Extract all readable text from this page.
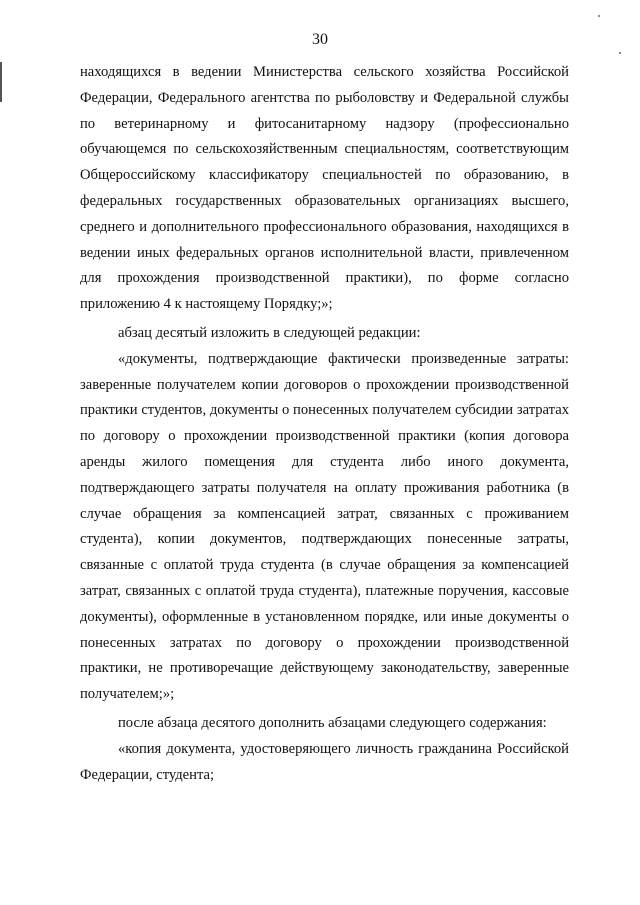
30

находящихся в ведении Министерства сельского хозяйства Российской Федерации, Федерального агентства по рыболовству и Федеральной службы по ветеринарному и фитосанитарному надзору (профессионально обучающемся по сельскохозяйственным специальностям, соответствующим Общероссийскому классификатору специальностей по образованию, в федеральных государственных образовательных организациях высшего, среднего и дополнительного профессионального образования, находящихся в ведении иных федеральных органов исполнительной власти, привлеченном для прохождения производственной практики), по форме согласно приложению 4 к настоящему Порядку;»;

абзац десятый изложить в следующей редакции:

«документы, подтверждающие фактически произведенные затраты: заверенные получателем копии договоров о прохождении производственной практики студентов, документы о понесенных получателем субсидии затратах по договору о прохождении производственной практики (копия договора аренды жилого помещения для студента либо иного документа, подтверждающего затраты получателя на оплату проживания работника (в случае обращения за компенсацией затрат, связанных с проживанием студента), копии документов, подтверждающих понесенные затраты, связанные с оплатой труда студента (в случае обращения за компенсацией затрат, связанных с оплатой труда студента), платежные поручения, кассовые документы), оформленные в установленном порядке, или иные документы о понесенных затратах по договору о прохождении производственной практики, не противоречащие действующему законодательству, заверенные получателем;»;

после абзаца десятого дополнить абзацами следующего содержания:

«копия документа, удостоверяющего личность гражданина Российской Федерации, студента;
